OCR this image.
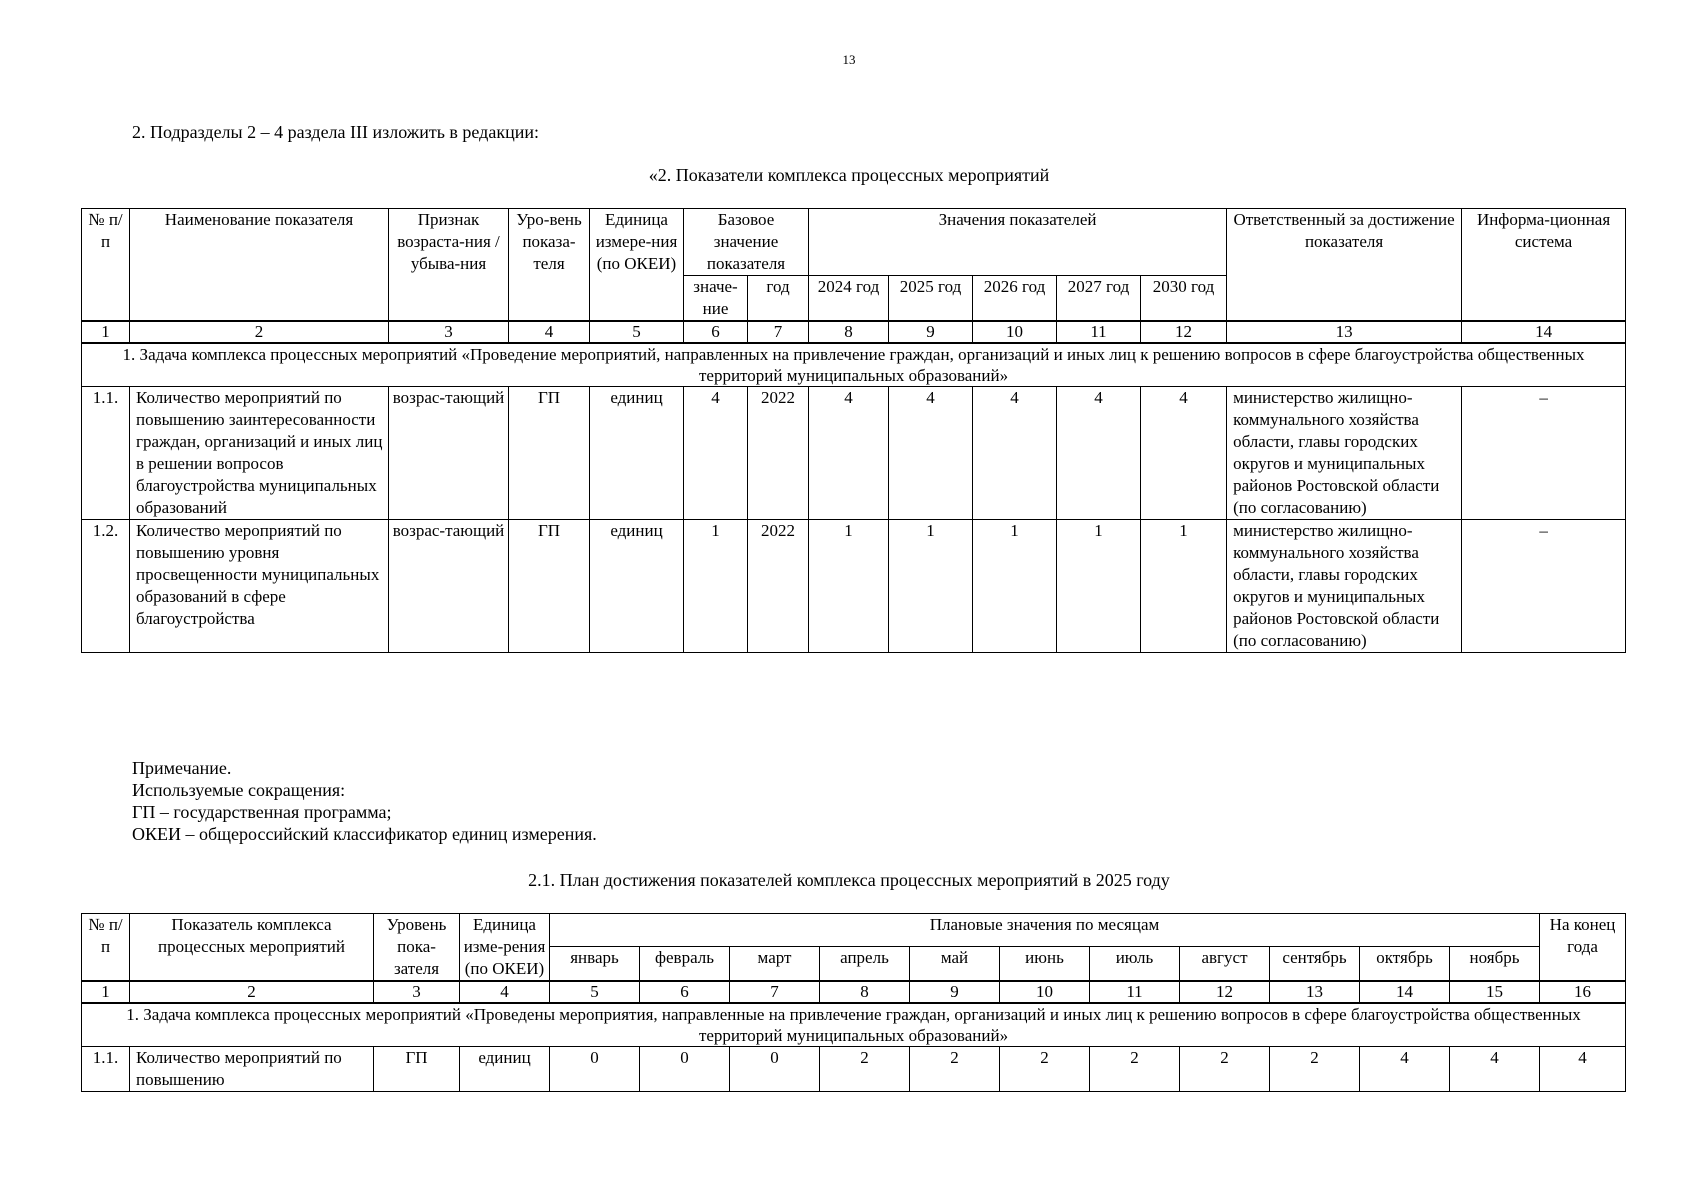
13
2. Подразделы 2 – 4 раздела III изложить в редакции:
«2. Показатели комплекса процессных мероприятий
№ п/п	Наименование показателя	Признак возраста-ния / убыва-ния	Уро-вень показа-теля	Единица измере-ния (по ОКЕИ)	Базовое значение показателя		Значения показателей					Ответственный за достижение показателя	Информа-ционная система
					значе-ние	год	2024 год	2025 год	2026 год	2027 год	2030 год		
1	2	3	4	5	6	7	8	9	10	11	12	13	14
1. Задача комплекса процессных мероприятий «Проведение мероприятий, направленных на привлечение граждан, организаций и иных лиц к решению вопросов в сфере благоустройства общественных территорий муниципальных образований»													
1.1.	Количество мероприятий по повышению заинтересованности граждан, организаций и иных лиц в решении вопросов благоустройства муниципальных образований	возрас-тающий	ГП	единиц	4	2022	4	4	4	4	4	министерство жилищно-коммунального хозяйства области, главы городских округов и муниципальных районов Ростовской области (по согласованию)	–
1.2.	Количество мероприятий по повышению уровня просвещенности муниципальных образований в сфере благоустройства	возрас-тающий	ГП	единиц	1	2022	1	1	1	1	1	министерство жилищно-коммунального хозяйства области, главы городских округов и муниципальных районов Ростовской области (по согласованию)	–
Примечание.
Используемые сокращения:
ГП – государственная программа;
ОКЕИ – общероссийский классификатор единиц измерения.
2.1. План достижения показателей комплекса процессных мероприятий в 2025 году
№ п/п	Показатель комплекса процессных мероприятий	Уровень пока-зателя	Единица изме-рения (по ОКЕИ)	Плановые значения по месяцам											На конец года
				январь	февраль	март	апрель	май	июнь	июль	август	сентябрь	октябрь	ноябрь	
1	2	3	4	5	6	7	8	9	10	11	12	13	14	15	16
1. Задача комплекса процессных мероприятий «Проведены мероприятия, направленные на привлечение граждан, организаций и иных лиц к решению вопросов в сфере благоустройства общественных территорий муниципальных образований»															
1.1.	Количество мероприятий по повышению	ГП	единиц	0	0	0	2	2	2	2	2	2	4	4	4
